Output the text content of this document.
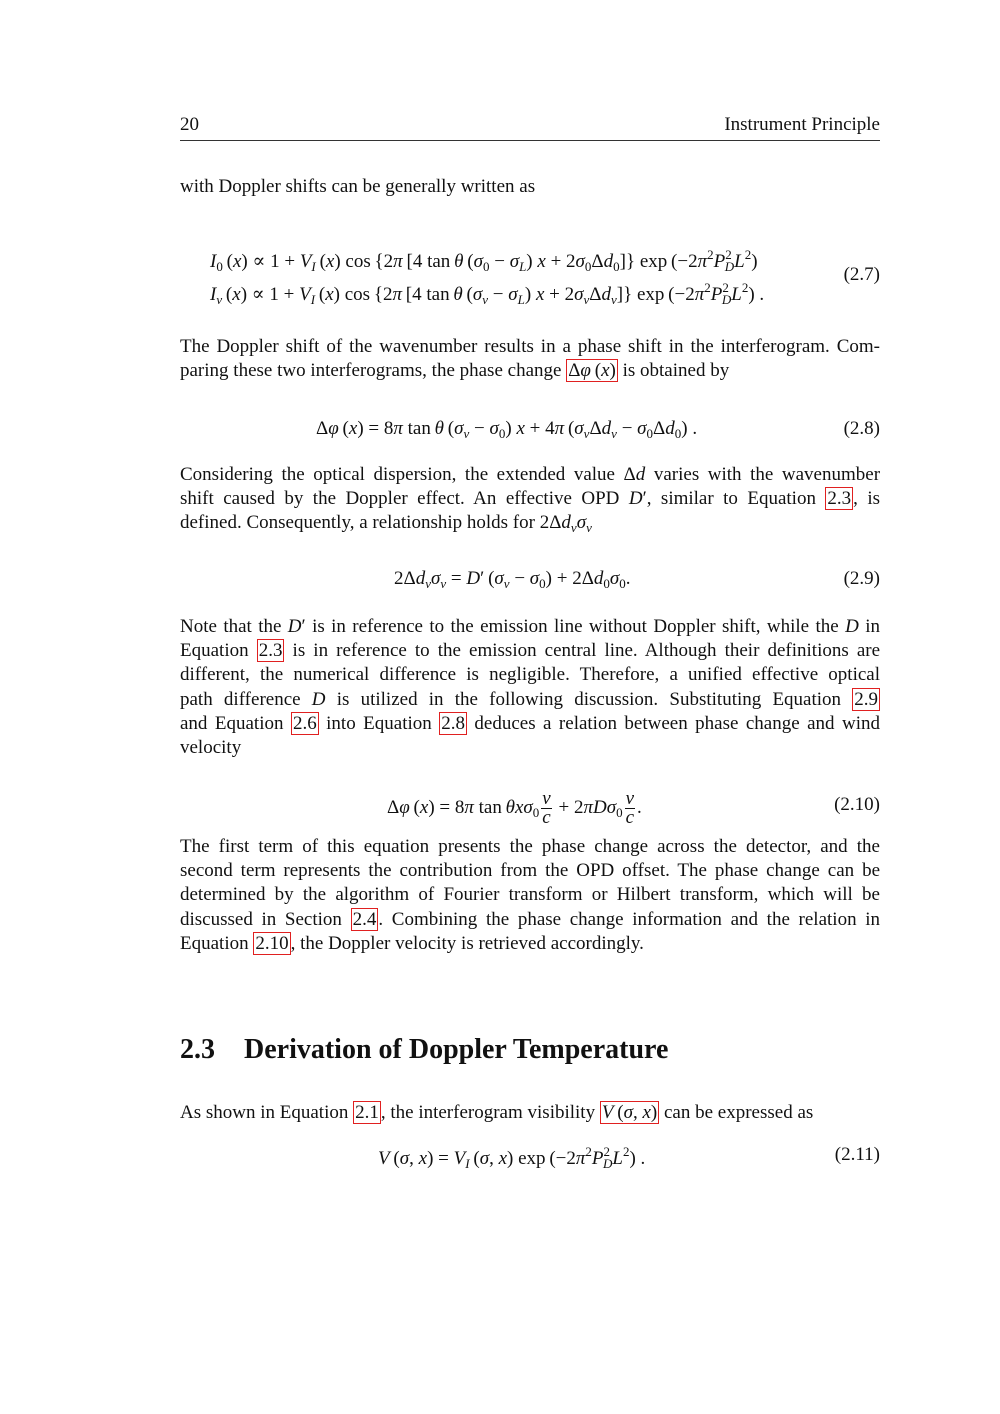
20	Instrument Principle
with Doppler shifts can be generally written as
$I_0$ $(x) \propto 1 + V_I$ (x) cos {2π [4 tan θ $(\sigma_0 - \sigma_L) x + 2\sigma_0\Delta d_0$]} $\exp (-2\pi^2P^2_DL^2)$
$I_v$ $(x) \propto 1 + V_I$ (x) cos {2π [4 tan θ $(\sigma_v - \sigma_L) x + 2\sigma_v\Delta d_v$]} $\exp (-2\pi^2P^2_DL^2)$ .
(2.7)
The Doppler shift of the wavenumber results in a phase shift in the interferogram. Com-
paring these two interferograms, the phase change Δφ (x) is obtained by
Δφ (x) = 8π tan θ $(\sigma_v - \sigma_0) x + 4\pi$ $(\sigma_v\Delta d_v - \sigma_0\Delta d_0)$ .	(2.8)
Considering the optical dispersion, the extended value Δd varies with the wavenumber
shift caused by the Doppler effect. An effective OPD D′, similar to Equation 2.3 , is
defined. Consequently, a relationship holds for $2\Delta d_v\sigma_v$
$2\Delta d_v\sigma_v = D'$ $(\sigma_v - \sigma_0) + 2\Delta d_0\sigma_0$.	(2.9)
Note that the D′ is in reference to the emission line without Doppler shift, while the D in
Equation 2.3 is in reference to the emission central line. Although their definitions are
different, the numerical difference is negligible. Therefore, a unified effective optical
path difference D is utilized in the following discussion. Substituting Equation 2.9
and Equation 2.6 into Equation 2.8 deduces a relation between phase change and wind
velocity
Δφ (x) = 8π $\tan \theta x\sigma_0 \frac{v}{c} + 2\pi D\sigma_0 \frac{v}{c}$ .	(2.10)
The first term of this equation presents the phase change across the detector, and the
second term represents the contribution from the OPD offset. The phase change can be
determined by the algorithm of Fourier transform or Hilbert transform, which will be
discussed in Section 2.4 . Combining the phase change information and the relation in
Equation 2.10 , the Doppler velocity is retrieved accordingly.
2.3 Derivation of Doppler Temperature
As shown in Equation 2.1 , the interferogram visibility V (σ, x) can be expressed as
V (σ, $x) = V_I$ (σ, x) $\exp (-2\pi^2P^2_DL^2)$ .	(2.11)
